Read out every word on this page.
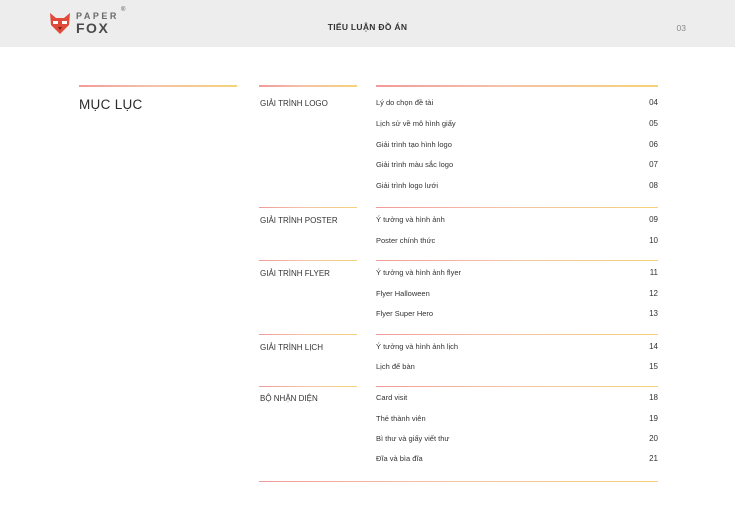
PAPER
®
FOX	TIỂU LUẬN ĐỒ ÁN	03
MỤC LỤC	GIẢI TRÌNH LOGO	Lý do chọn đề tài	04
Lịch sử về mô hình giấy	05
Giải trình tạo hình logo	06
Giải trình màu sắc logo	07
Giải trình logo lưới	08
GIẢI TRÌNH POSTER	Ý tưởng và hình ảnh	09
Poster chính thức	10
GIẢI TRÌNH FLYER	Ý tưởng và hình ảnh flyer	11
Flyer Halloween	12
Flyer Super Hero	13
GIẢI TRÌNH LỊCH	Ý tưởng và hình ảnh lịch	14
Lịch để bàn	15
BỘ NHẬN DIỆN	Card visit	18
Thẻ thành viên	19
Bì thư và giấy viết thư	20
Đĩa và bìa đĩa	21
